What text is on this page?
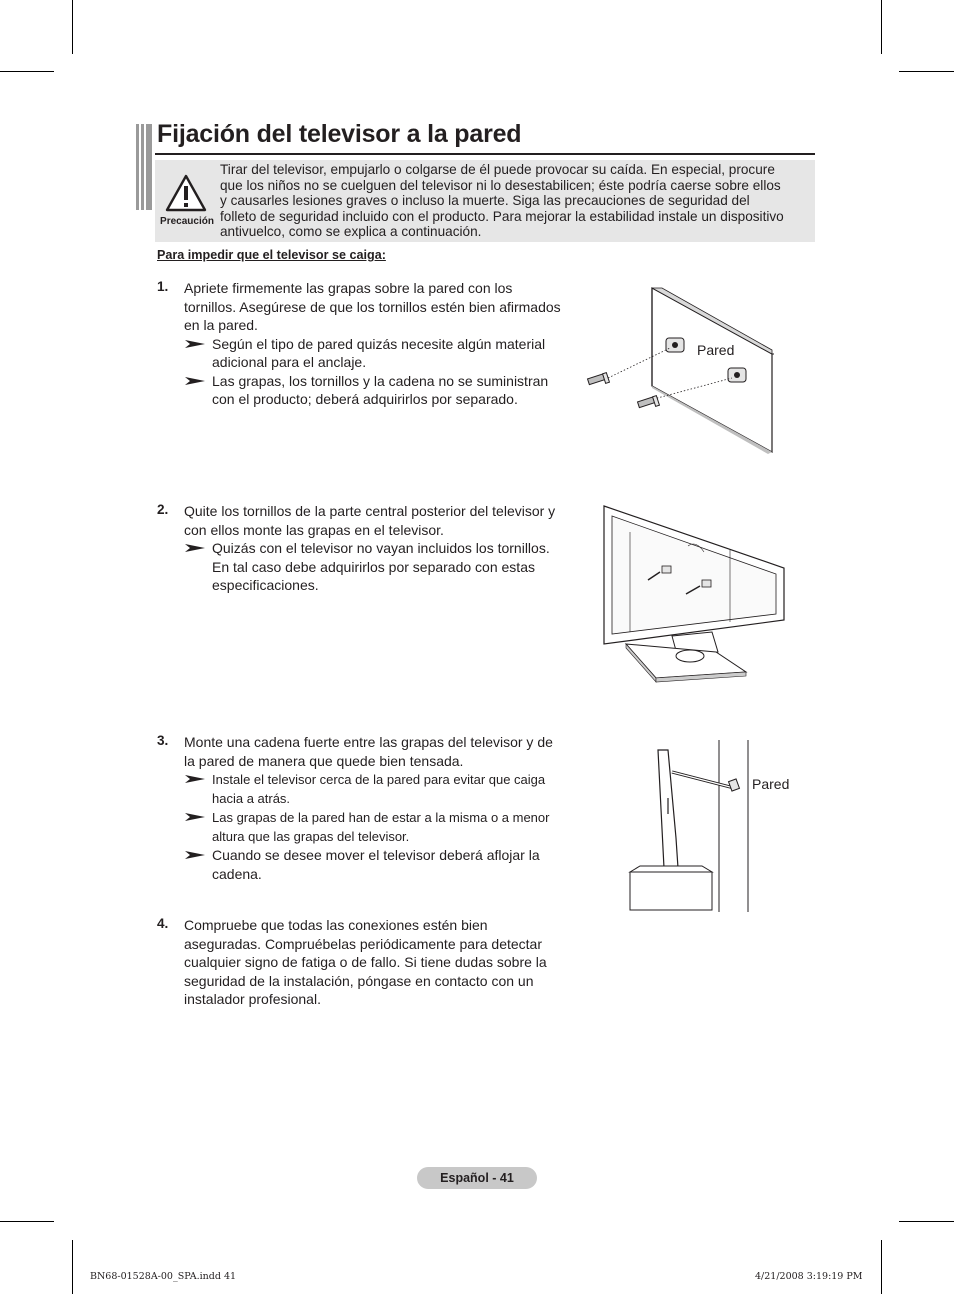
Fijación del televisor a la pared
Precaución
Tirar del televisor, empujarlo o colgarse de él puede provocar su caída. En especial, procure
que los niños no se cuelguen del televisor ni lo desestabilicen; éste podría caerse sobre ellos
y causarles lesiones graves o incluso la muerte. Siga las precauciones de seguridad del
folleto de seguridad incluido con el producto. Para mejorar la estabilidad instale un dispositivo
antivuelco, como se explica a continuación.
Para impedir que el televisor se caiga:
1. Apriete firmemente las grapas sobre la pared con los tornillos. Asegúrese de que los tornillos estén bien afirmados en la pared.
Según el tipo de pared quizás necesite algún material adicional para el anclaje.
Las grapas, los tornillos y la cadena no se suministran con el producto; deberá adquirirlos por separado.
2. Quite los tornillos de la parte central posterior del televisor y con ellos monte las grapas en el televisor.
Quizás con el televisor no vayan incluidos los tornillos. En tal caso debe adquirirlos por separado con estas especificaciones.
3. Monte una cadena fuerte entre las grapas del televisor y de la pared de manera que quede bien tensada.
Instale el televisor cerca de la pared para evitar que caiga hacia a atrás.
Las grapas de la pared han de estar a la misma o a menor altura que las grapas del televisor.
Cuando se desee mover el televisor deberá aflojar la cadena.
4. Compruebe que todas las conexiones estén bien aseguradas. Compruébelas periódicamente para detectar cualquier signo de fatiga o de fallo. Si tiene dudas sobre la seguridad de la instalación, póngase en contacto con un instalador profesional.
Pared
Pared
Español - 41
BN68-01528A-00_SPA.indd 41	4/21/2008 3:19:19 PM
